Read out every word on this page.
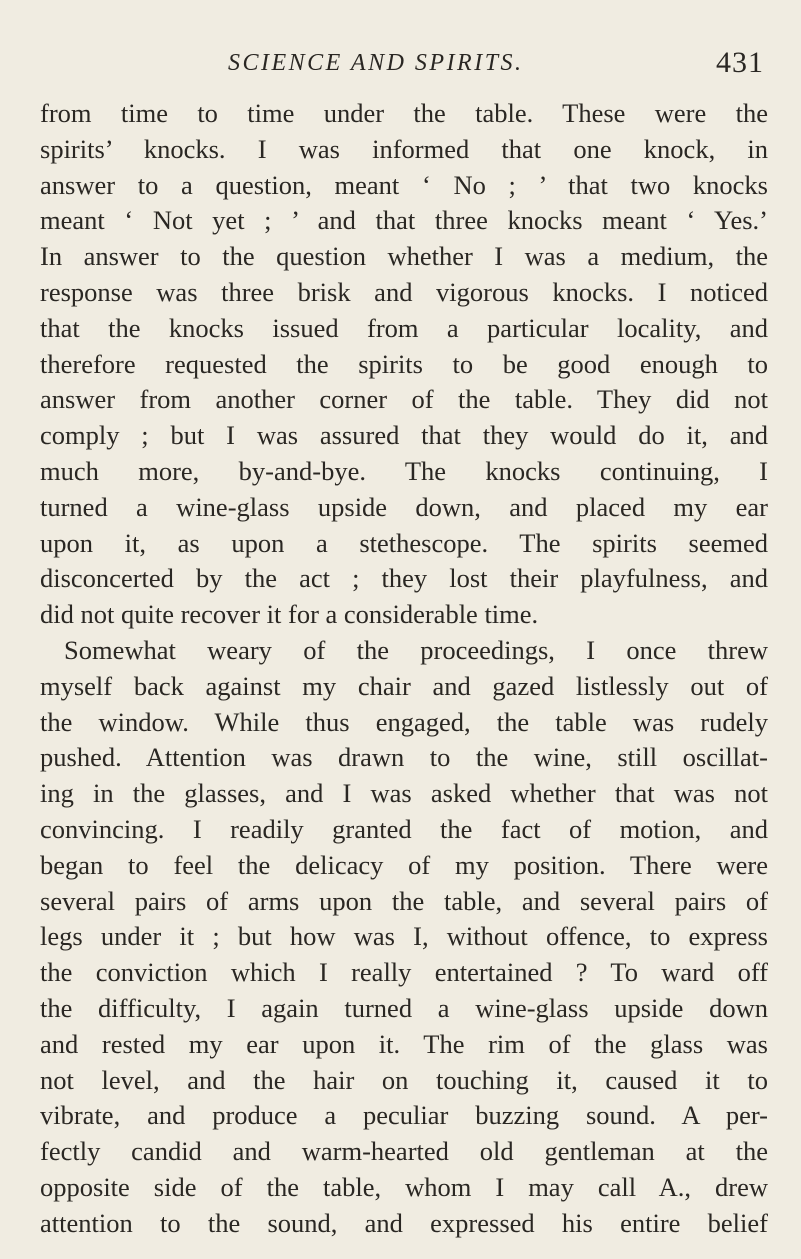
SCIENCE AND SPIRITS.	431
from time to time under the table. These were the
spirits’ knocks. I was informed that one knock, in
answer to a question, meant ‘ No ; ’ that two knocks
meant ‘ Not yet ; ’ and that three knocks meant ‘ Yes.’
In answer to the question whether I was a medium, the
response was three brisk and vigorous knocks. I noticed
that the knocks issued from a particular locality, and
therefore requested the spirits to be good enough to
answer from another corner of the table. They did not
comply ; but I was assured that they would do it, and
much more, by-and-bye. The knocks continuing, I
turned a wine-glass upside down, and placed my ear
upon it, as upon a stethescope. The spirits seemed
disconcerted by the act ; they lost their playfulness, and
did not quite recover it for a considerable time.
Somewhat weary of the proceedings, I once threw
myself back against my chair and gazed listlessly out of
the window. While thus engaged, the table was rudely
pushed. Attention was drawn to the wine, still oscillat-
ing in the glasses, and I was asked whether that was not
convincing. I readily granted the fact of motion, and
began to feel the delicacy of my position. There were
several pairs of arms upon the table, and several pairs of
legs under it ; but how was I, without offence, to express
the conviction which I really entertained ? To ward off
the difficulty, I again turned a wine-glass upside down
and rested my ear upon it. The rim of the glass was
not level, and the hair on touching it, caused it to
vibrate, and produce a peculiar buzzing sound. A per-
fectly candid and warm-hearted old gentleman at the
opposite side of the table, whom I may call A., drew
attention to the sound, and expressed his entire belief
